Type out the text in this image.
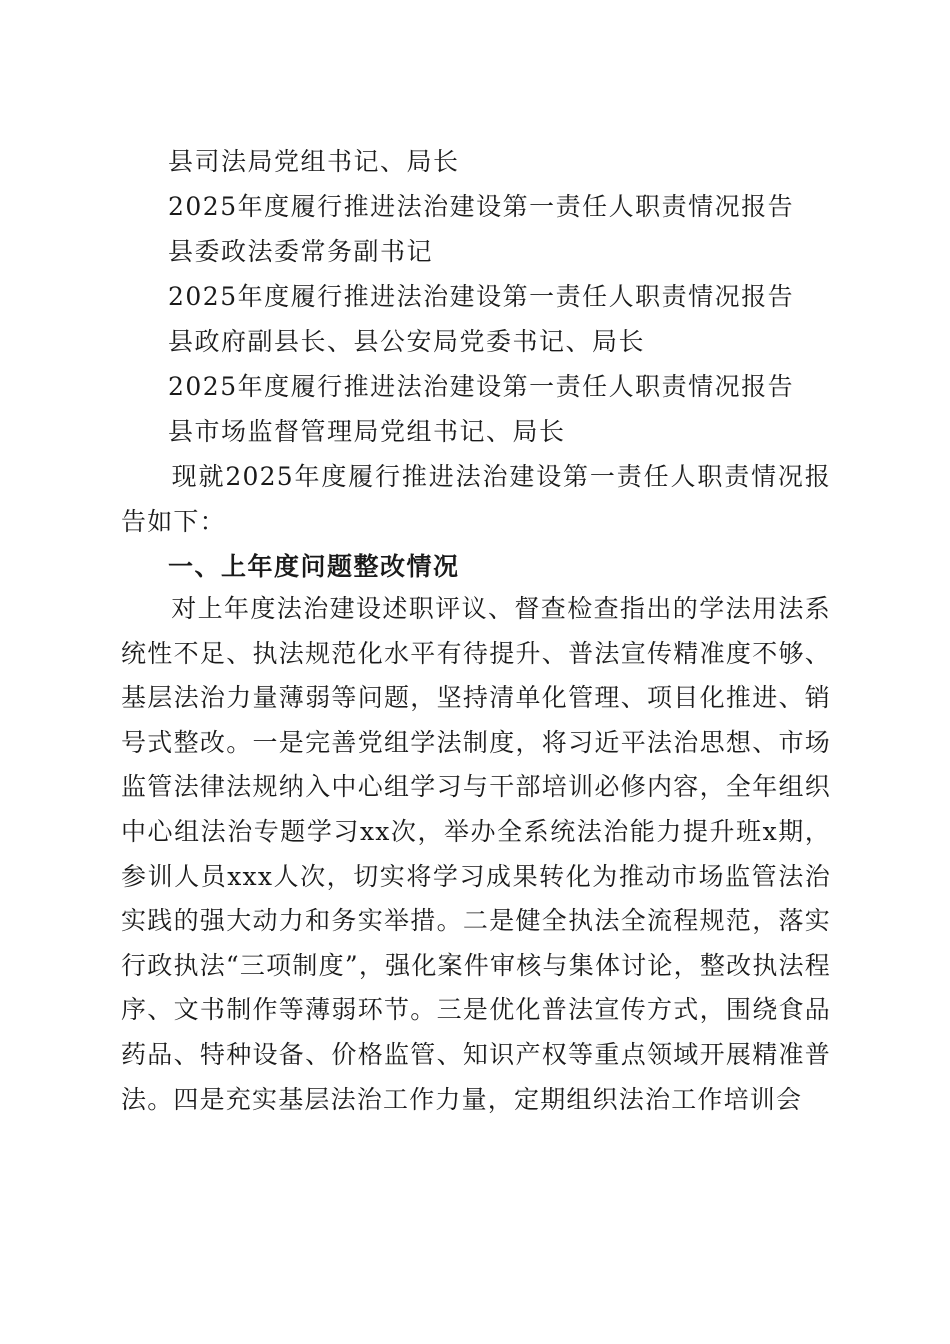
县司法局党组书记、局长
2025年度履行推进法治建设第一责任人职责情况报告
县委政法委常务副书记
2025年度履行推进法治建设第一责任人职责情况报告
县政府副县长、县公安局党委书记、局长
2025年度履行推进法治建设第一责任人职责情况报告
县市场监督管理局党组书记、局长
现就2025年度履行推进法治建设第一责任人职责情况报告如下：
一、上年度问题整改情况
对上年度法治建设述职评议、督查检查指出的学法用法系统性不足、执法规范化水平有待提升、普法宣传精准度不够、基层法治力量薄弱等问题，坚持清单化管理、项目化推进、销号式整改。一是完善党组学法制度，将习近平法治思想、市场监管法律法规纳入中心组学习与干部培训必修内容，全年组织中心组法治专题学习xx次，举办全系统法治能力提升班x期，参训人员xxx人次，切实将学习成果转化为推动市场监管法治实践的强大动力和务实举措。二是健全执法全流程规范，落实行政执法“三项制度”，强化案件审核与集体讨论，整改执法程序、文书制作等薄弱环节。三是优化普法宣传方式，围绕食品药品、特种设备、价格监管、知识产权等重点领域开展精准普法。四是充实基层法治工作力量，定期组织法治工作培训会
